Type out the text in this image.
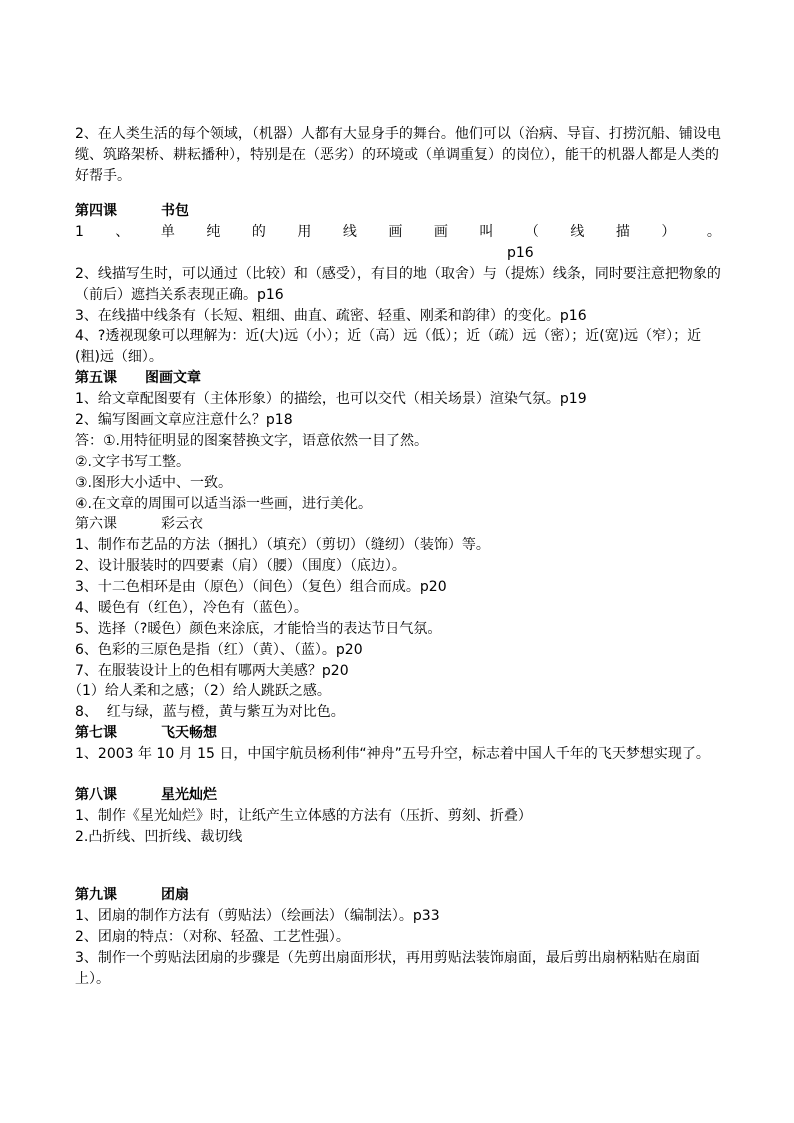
2、在人类生活的每个领域，（机器）人都有大显身手的舞台。他们可以（治病、导盲、打捞沉船、铺设电缆、筑路架桥、耕耘播种），特别是在（恶劣）的环境或（单调重复）的岗位），能干的机器人都是人类的好帮手。

第四课	书包

1 、 单 纯 的 用 线 画 画 叫 （ 线 描 ） 。
p16

2、线描写生时，可以通过（比较）和（感受），有目的地（取舍）与（提炼）线条，同时要注意把物象的（前后）遮挡关系表现正确。p16

3、在线描中线条有（长短、粗细、曲直、疏密、轻重、刚柔和韵律）的变化。p16

4、?透视现象可以理解为：近(大)远（小）；近（高）远（低）；近（疏）远（密）；近(宽)远（窄）；近(粗)远（细）。

第五课　　图画文章

1、给文章配图要有（主体形象）的描绘，也可以交代（相关场景）渲染气氛。p19

2、编写图画文章应注意什么？p18

答：①.用特征明显的图案替换文字，语意依然一目了然。

②.文字书写工整。

③.图形大小适中、一致。

④.在文章的周围可以适当添一些画，进行美化。

第六课	彩云衣

1、制作布艺品的方法（捆扎）（填充）（剪切）（缝纫）（装饰）等。

2、设计服装时的四要素（肩）（腰）（围度）（底边）。

3、十二色相环是由（原色）（间色）（复色）组合而成。p20

4、暖色有（红色），冷色有（蓝色）。

5、选择（?暖色）颜色来涂底，才能恰当的表达节日气氛。

6、色彩的三原色是指（红）（黄）、（蓝）。p20

7、在服装设计上的色相有哪两大美感？p20

（1）给人柔和之感；（2）给人跳跃之感。

8、  红与绿，蓝与橙，黄与紫互为对比色。

第七课	飞天畅想

1、2003 年 10 月 15 日，中国宇航员杨利伟“神舟”五号升空，标志着中国人千年的飞天梦想实现了。

第八课	星光灿烂

1、制作《星光灿烂》时，让纸产生立体感的方法有（压折、剪刻、折叠）

2.凸折线、凹折线、裁切线

第九课	团扇

1、团扇的制作方法有（剪贴法）（绘画法）（编制法）。p33

2、团扇的特点：（对称、轻盈、工艺性强）。

3、制作一个剪贴法团扇的步骤是（先剪出扇面形状，再用剪贴法装饰扇面，最后剪出扇柄粘贴在扇面上）。
